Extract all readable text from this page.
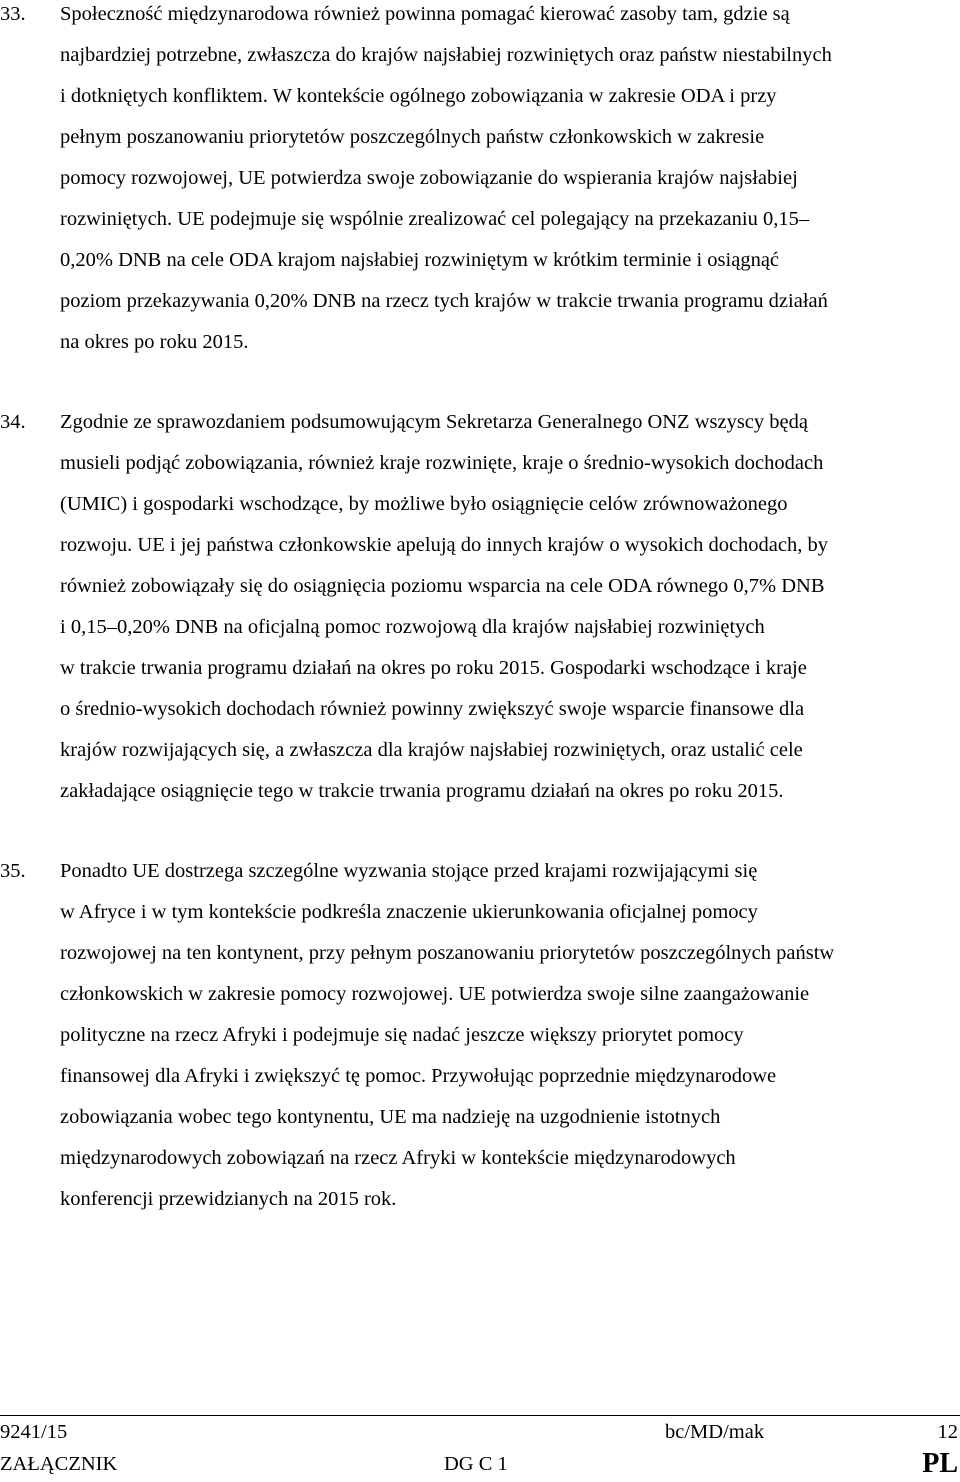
33. Społeczność międzynarodowa również powinna pomagać kierować zasoby tam, gdzie są
najbardziej potrzebne, zwłaszcza do krajów najsłabiej rozwiniętych oraz państw niestabilnych
i dotkniętych konfliktem. W kontekście ogólnego zobowiązania w zakresie ODA i przy
pełnym poszanowaniu priorytetów poszczególnych państw członkowskich w zakresie
pomocy rozwojowej, UE potwierdza swoje zobowiązanie do wspierania krajów najsłabiej
rozwiniętych. UE podejmuje się wspólnie zrealizować cel polegający na przekazaniu 0,15–
0,20% DNB na cele ODA krajom najsłabiej rozwiniętym w krótkim terminie i osiągnąć
poziom przekazywania 0,20% DNB na rzecz tych krajów w trakcie trwania programu działań
na okres po roku 2015.
34. Zgodnie ze sprawozdaniem podsumowującym Sekretarza Generalnego ONZ wszyscy będą
musieli podjąć zobowiązania, również kraje rozwinięte, kraje o średnio-wysokich dochodach
(UMIC) i gospodarki wschodzące, by możliwe było osiągnięcie celów zrównoważonego
rozwoju. UE i jej państwa członkowskie apelują do innych krajów o wysokich dochodach, by
również zobowiązały się do osiągnięcia poziomu wsparcia na cele ODA równego 0,7% DNB
i 0,15–0,20% DNB na oficjalną pomoc rozwojową dla krajów najsłabiej rozwiniętych
w trakcie trwania programu działań na okres po roku 2015. Gospodarki wschodzące i kraje
o średnio-wysokich dochodach również powinny zwiększyć swoje wsparcie finansowe dla
krajów rozwijających się, a zwłaszcza dla krajów najsłabiej rozwiniętych, oraz ustalić cele
zakładające osiągnięcie tego w trakcie trwania programu działań na okres po roku 2015.
35. Ponadto UE dostrzega szczególne wyzwania stojące przed krajami rozwijającymi się
w Afryce i w tym kontekście podkreśla znaczenie ukierunkowania oficjalnej pomocy
rozwojowej na ten kontynent, przy pełnym poszanowaniu priorytetów poszczególnych państw
członkowskich w zakresie pomocy rozwojowej. UE potwierdza swoje silne zaangażowanie
polityczne na rzecz Afryki i podejmuje się nadać jeszcze większy priorytet pomocy
finansowej dla Afryki i zwiększyć tę pomoc. Przywołując poprzednie międzynarodowe
zobowiązania wobec tego kontynentu, UE ma nadzieję na uzgodnienie istotnych
międzynarodowych zobowiązań na rzecz Afryki w kontekście międzynarodowych
konferencji przewidzianych na 2015 rok.
9241/15	bc/MD/mak	12
ZAŁĄCZNIK	DG C 1	PL
